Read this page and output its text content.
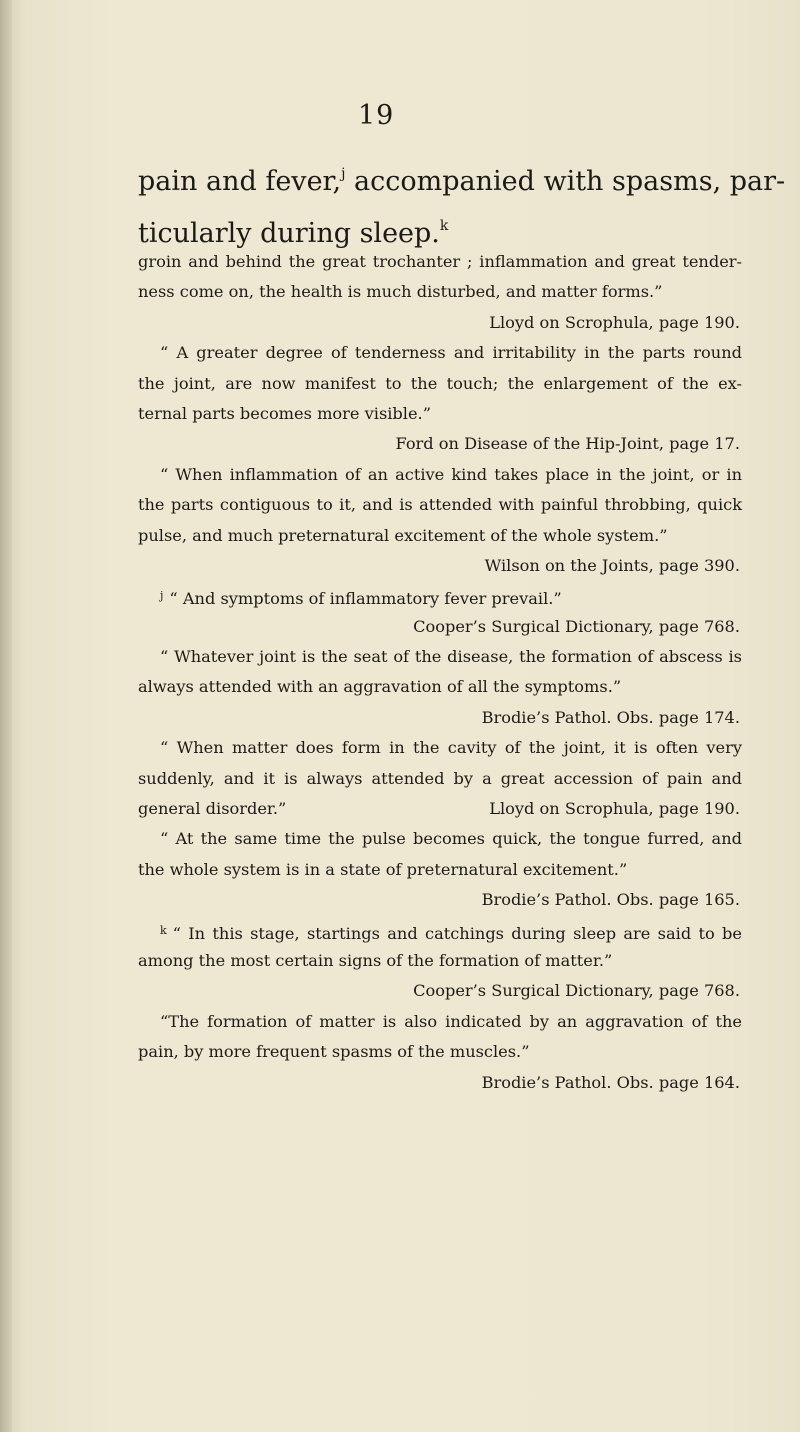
19
pain and fever,$^j$ accompanied with spasms, par-
ticularly during sleep.$^k$
groin and behind the great trochanter ; inflammation and great tender-
ness come on, the health is much disturbed, and matter forms.”
Lloyd on Scrophula, page 190.
“ A greater degree of tenderness and irritability in the parts round
the joint, are now manifest to the touch; the enlargement of the ex-
ternal parts becomes more visible.”
Ford on Disease of the Hip-Joint, page 17.
“ When inflammation of an active kind takes place in the joint, or in
the parts contiguous to it, and is attended with painful throbbing, quick
pulse, and much preternatural excitement of the whole system.”
Wilson on the Joints, page 390.
$^j$ “ And symptoms of inflammatory fever prevail.”
Cooper’s Surgical Dictionary, page 768.
“ Whatever joint is the seat of the disease, the formation of abscess is
always attended with an aggravation of all the symptoms.”
Brodie’s Pathol. Obs. page 174.
“ When matter does form in the cavity of the joint, it is often very
suddenly, and it is always attended by a great accession of pain and
general disorder.”	Lloyd on Scrophula, page 190.
“ At the same time the pulse becomes quick, the tongue furred, and
the whole system is in a state of preternatural excitement.”
Brodie’s Pathol. Obs. page 165.
$^k$ “ In this stage, startings and catchings during sleep are said to be
among the most certain signs of the formation of matter.”
Cooper’s Surgical Dictionary, page 768.
“The formation of matter is also indicated by an aggravation of the
pain, by more frequent spasms of the muscles.”
Brodie’s Pathol. Obs. page 164.
